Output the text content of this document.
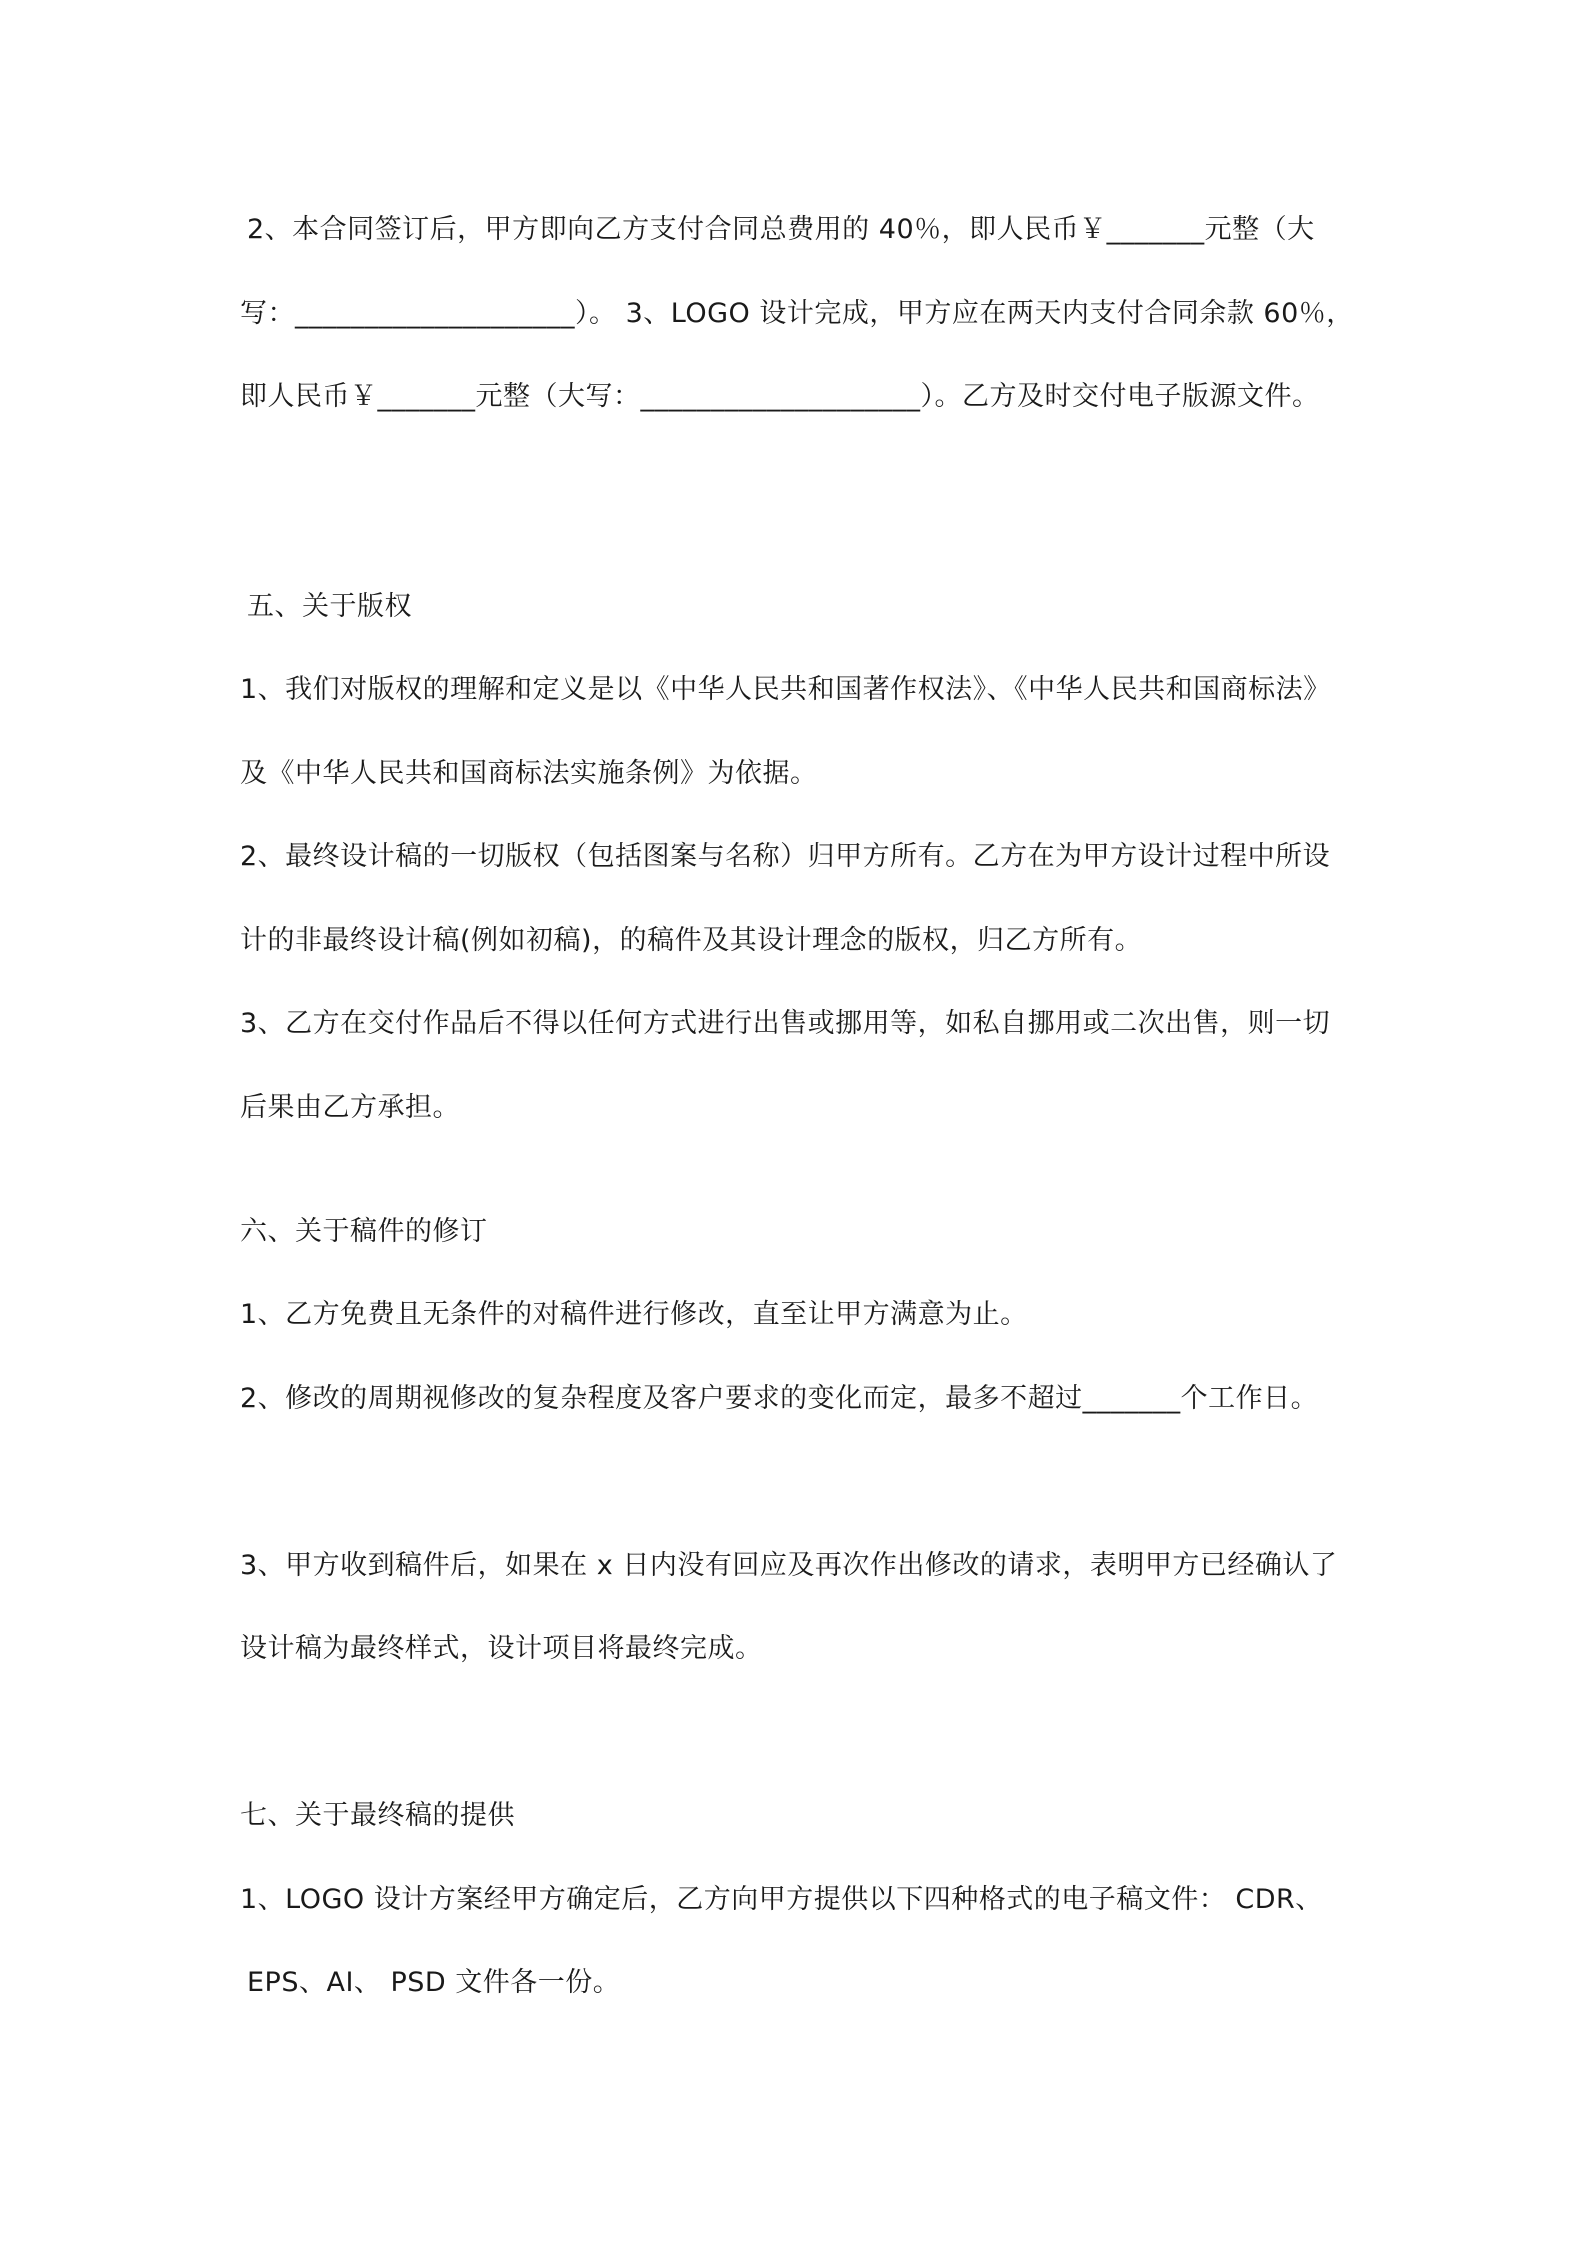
2、本合同签订后，甲方即向乙方支付合同总费用的 40％，即人民币￥_______元整（大
写：____________________）。 3、LOGO 设计完成，甲方应在两天内支付合同余款 60％，
即人民币￥_______元整（大写：____________________）。乙方及时交付电子版源文件。
五、关于版权
1、我们对版权的理解和定义是以《中华人民共和国著作权法》、《中华人民共和国商标法》
及《中华人民共和国商标法实施条例》为依据。
2、最终设计稿的一切版权（包括图案与名称）归甲方所有。乙方在为甲方设计过程中所设
计的非最终设计稿(例如初稿)，的稿件及其设计理念的版权，归乙方所有。
3、乙方在交付作品后不得以任何方式进行出售或挪用等，如私自挪用或二次出售，则一切
后果由乙方承担。
六、关于稿件的修订
1、乙方免费且无条件的对稿件进行修改，直至让甲方满意为止。
2、修改的周期视修改的复杂程度及客户要求的变化而定，最多不超过_______个工作日。
3、甲方收到稿件后，如果在 x 日内没有回应及再次作出修改的请求，表明甲方已经确认了
设计稿为最终样式，设计项目将最终完成。
七、关于最终稿的提供
1、LOGO 设计方案经甲方确定后，乙方向甲方提供以下四种格式的电子稿文件： CDR、
EPS、AI、 PSD 文件各一份。
